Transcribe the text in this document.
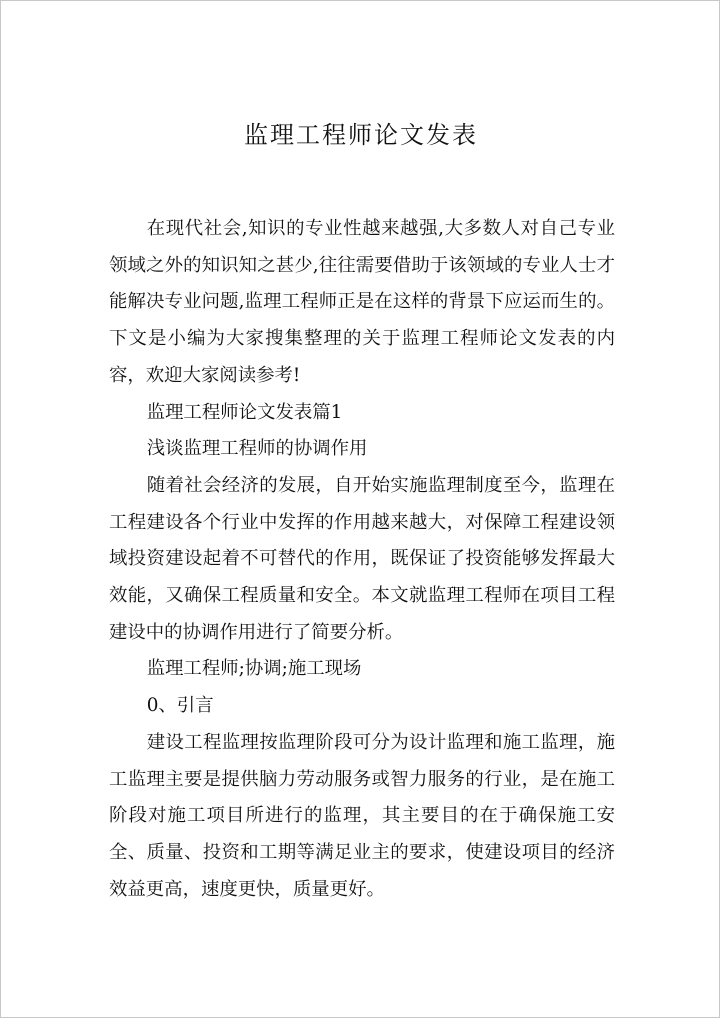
监理工程师论文发表

在现代社会,知识的专业性越来越强,大多数人对自己专业领域之外的知识知之甚少,往往需要借助于该领域的专业人士才能解决专业问题,监理工程师正是在这样的背景下应运而生的。下文是小编为大家搜集整理的关于监理工程师论文发表的内容，欢迎大家阅读参考!

监理工程师论文发表篇1

浅谈监理工程师的协调作用

随着社会经济的发展，自开始实施监理制度至今，监理在工程建设各个行业中发挥的作用越来越大，对保障工程建设领域投资建设起着不可替代的作用，既保证了投资能够发挥最大效能，又确保工程质量和安全。本文就监理工程师在项目工程建设中的协调作用进行了简要分析。

监理工程师;协调;施工现场

0、引言

建设工程监理按监理阶段可分为设计监理和施工监理，施工监理主要是提供脑力劳动服务或智力服务的行业，是在施工阶段对施工项目所进行的监理，其主要目的在于确保施工安全、质量、投资和工期等满足业主的要求，使建设项目的经济效益更高，速度更快，质量更好。
